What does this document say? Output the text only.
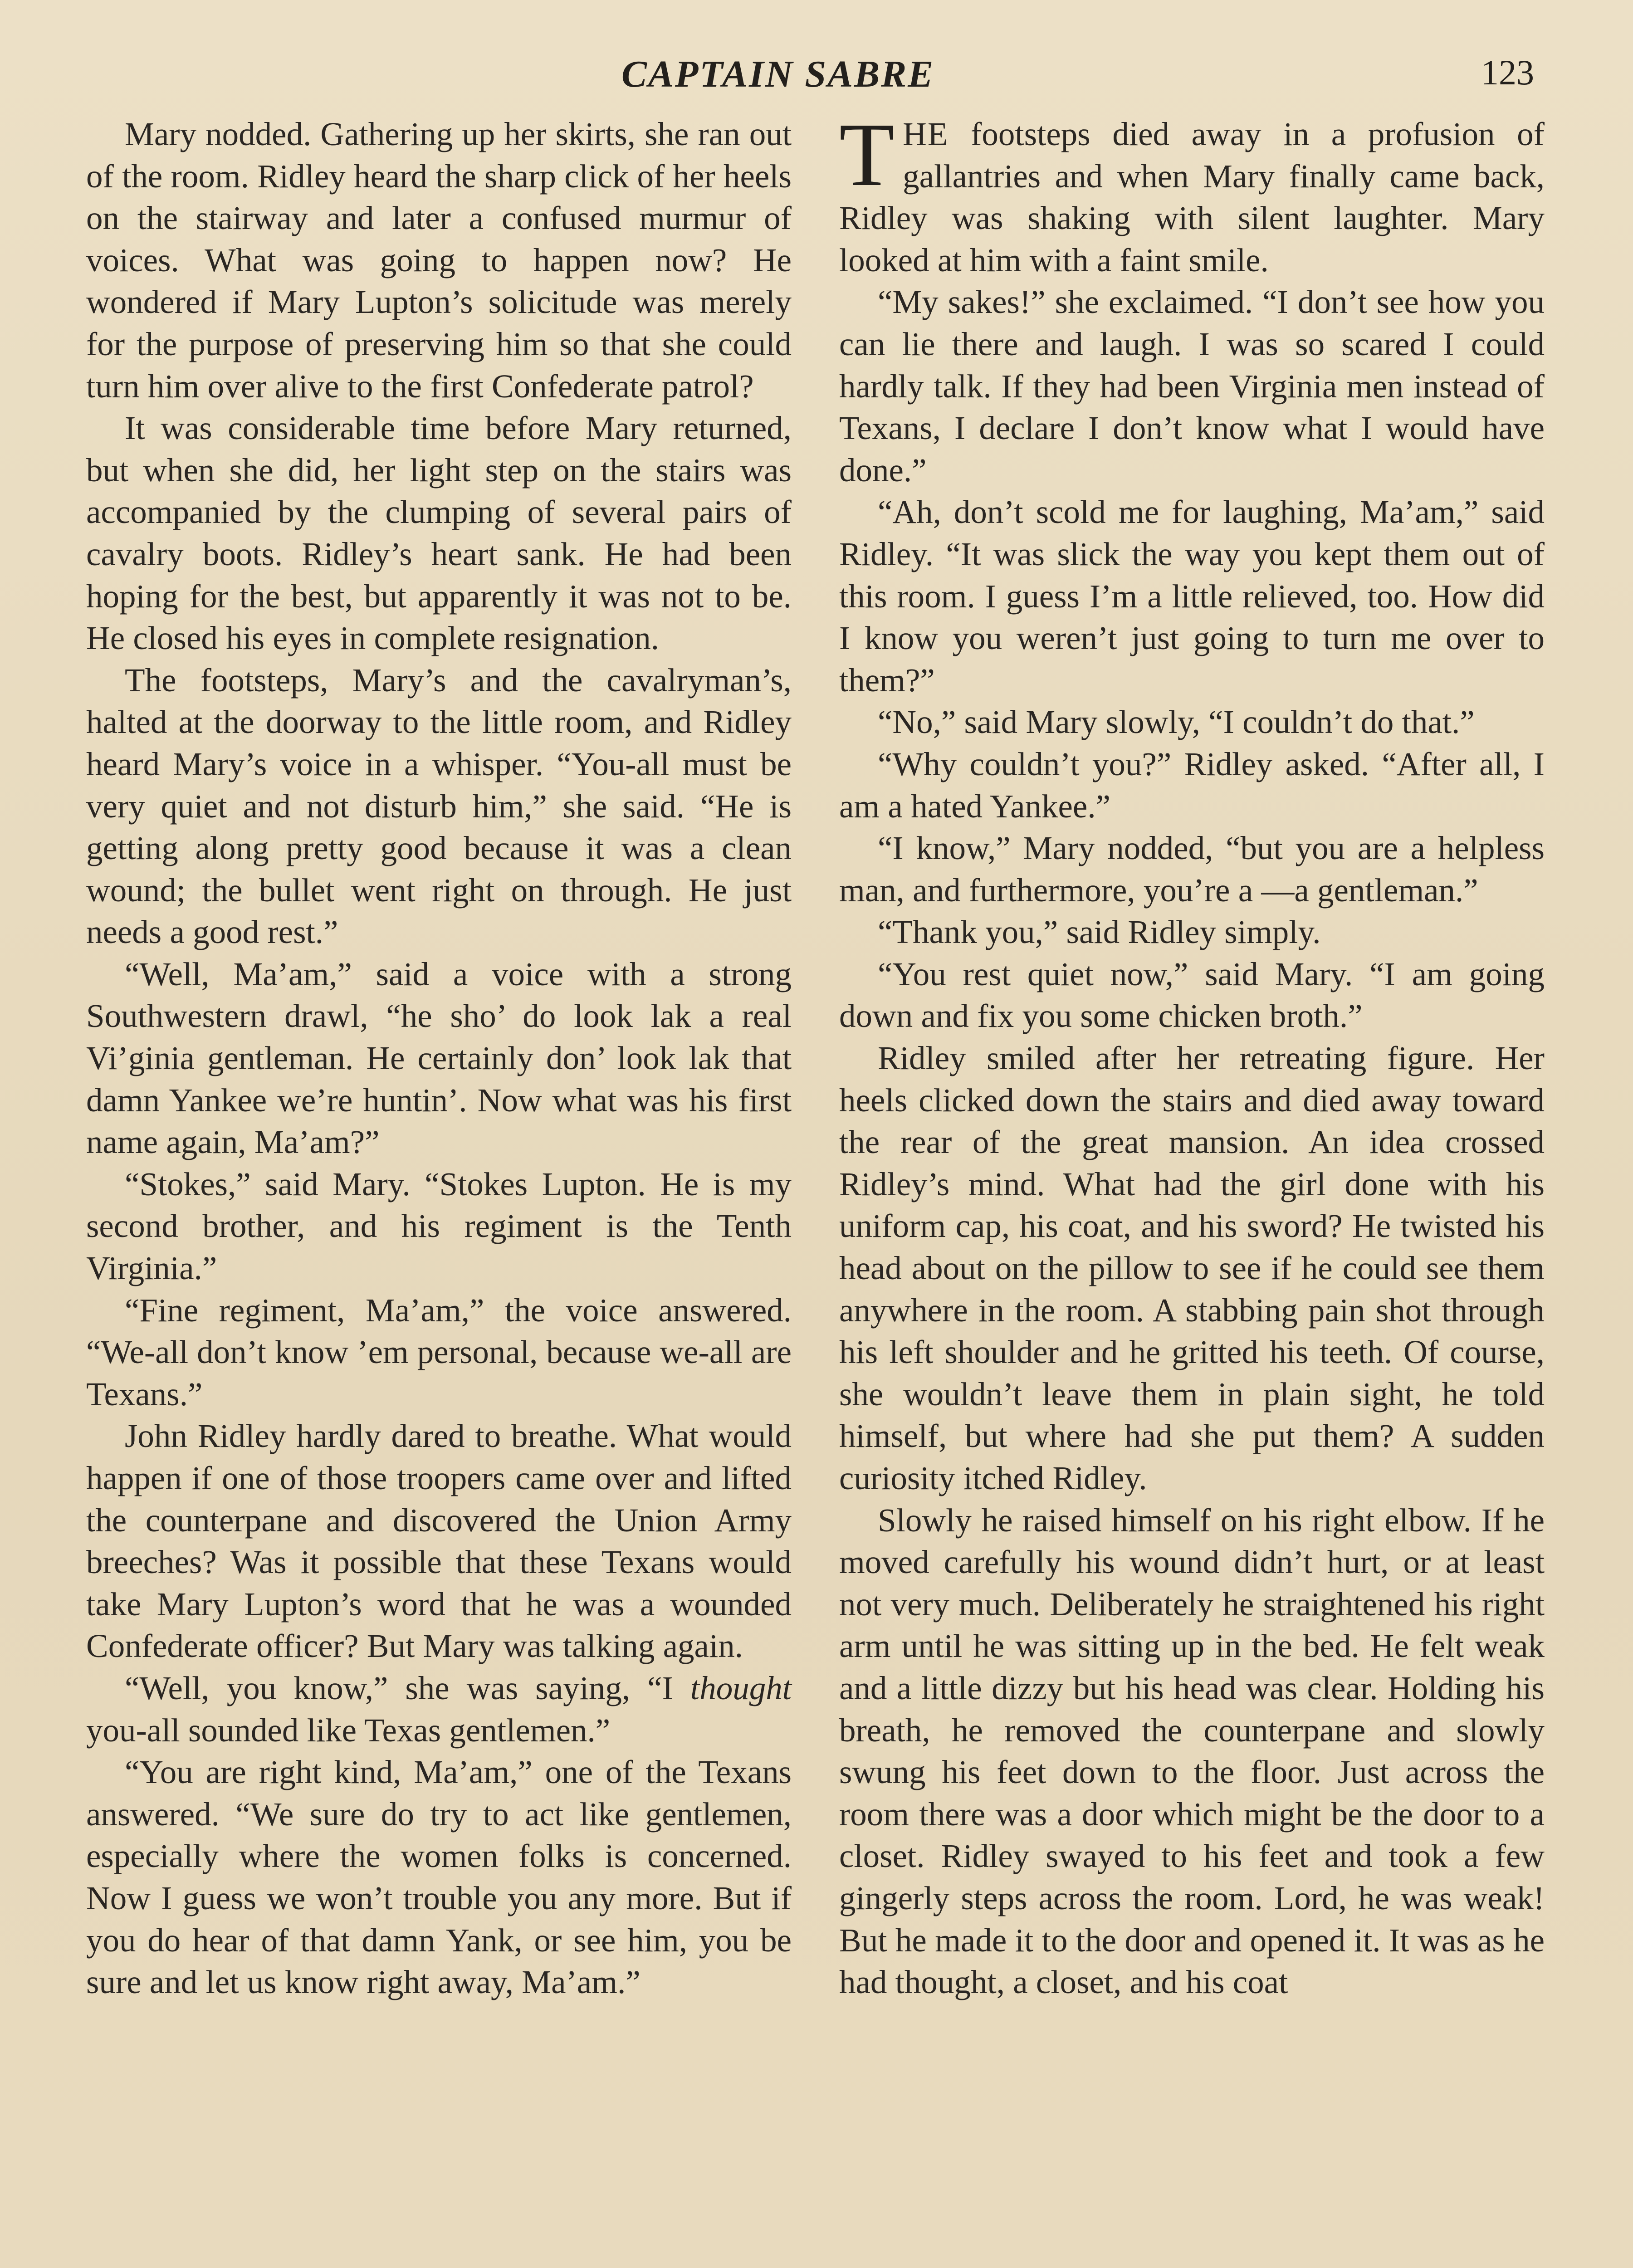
CAPTAIN SABRE	123

Mary nodded. Gathering up her skirts, she ran out of the room. Ridley heard the sharp click of her heels on the stairway and later a confused murmur of voices. What was going to happen now? He wondered if Mary Lupton’s solicitude was merely for the purpose of preserving him so that she could turn him over alive to the first Confederate patrol?

It was considerable time before Mary returned, but when she did, her light step on the stairs was accompanied by the clumping of several pairs of cavalry boots. Ridley’s heart sank. He had been hoping for the best, but apparently it was not to be. He closed his eyes in complete resignation.

The footsteps, Mary’s and the cavalryman’s, halted at the doorway to the little room, and Ridley heard Mary’s voice in a whisper. “You-all must be very quiet and not disturb him,” she said. “He is getting along pretty good because it was a clean wound; the bullet went right on through. He just needs a good rest.”

“Well, Ma’am,” said a voice with a strong Southwestern drawl, “he sho’ do look lak a real Vi’ginia gentleman. He certainly don’ look lak that damn Yankee we’re huntin’. Now what was his first name again, Ma’am?”

“Stokes,” said Mary. “Stokes Lupton. He is my second brother, and his regiment is the Tenth Virginia.”

“Fine regiment, Ma’am,” the voice answered. “We-all don’t know ’em personal, because we-all are Texans.”

John Ridley hardly dared to breathe. What would happen if one of those troopers came over and lifted the counterpane and discovered the Union Army breeches? Was it possible that these Texans would take Mary Lupton’s word that he was a wounded Confederate officer? But Mary was talking again.

“Well, you know,” she was saying, “I thought you-all sounded like Texas gentlemen.”

“You are right kind, Ma’am,” one of the Texans answered. “We sure do try to act like gentlemen, especially where the women folks is concerned. Now I guess we won’t trouble you any more. But if you do hear of that damn Yank, or see him, you be sure and let us know right away, Ma’am.”

THE footsteps died away in a profusion of gallantries and when Mary finally came back, Ridley was shaking with silent laughter. Mary looked at him with a faint smile.

“My sakes!” she exclaimed. “I don’t see how you can lie there and laugh. I was so scared I could hardly talk. If they had been Virginia men instead of Texans, I declare I don’t know what I would have done.”

“Ah, don’t scold me for laughing, Ma’am,” said Ridley. “It was slick the way you kept them out of this room. I guess I’m a little relieved, too. How did I know you weren’t just going to turn me over to them?”

“No,” said Mary slowly, “I couldn’t do that.”

“Why couldn’t you?” Ridley asked. “After all, I am a hated Yankee.”

“I know,” Mary nodded, “but you are a helpless man, and furthermore, you’re a —a gentleman.”

“Thank you,” said Ridley simply.

“You rest quiet now,” said Mary. “I am going down and fix you some chicken broth.”

Ridley smiled after her retreating figure. Her heels clicked down the stairs and died away toward the rear of the great mansion. An idea crossed Ridley’s mind. What had the girl done with his uniform cap, his coat, and his sword? He twisted his head about on the pillow to see if he could see them anywhere in the room. A stabbing pain shot through his left shoulder and he gritted his teeth. Of course, she wouldn’t leave them in plain sight, he told himself, but where had she put them? A sudden curiosity itched Ridley.

Slowly he raised himself on his right elbow. If he moved carefully his wound didn’t hurt, or at least not very much. Deliberately he straightened his right arm until he was sitting up in the bed. He felt weak and a little dizzy but his head was clear. Holding his breath, he removed the counterpane and slowly swung his feet down to the floor. Just across the room there was a door which might be the door to a closet. Ridley swayed to his feet and took a few gingerly steps across the room. Lord, he was weak! But he made it to the door and opened it. It was as he had thought, a closet, and his coat
